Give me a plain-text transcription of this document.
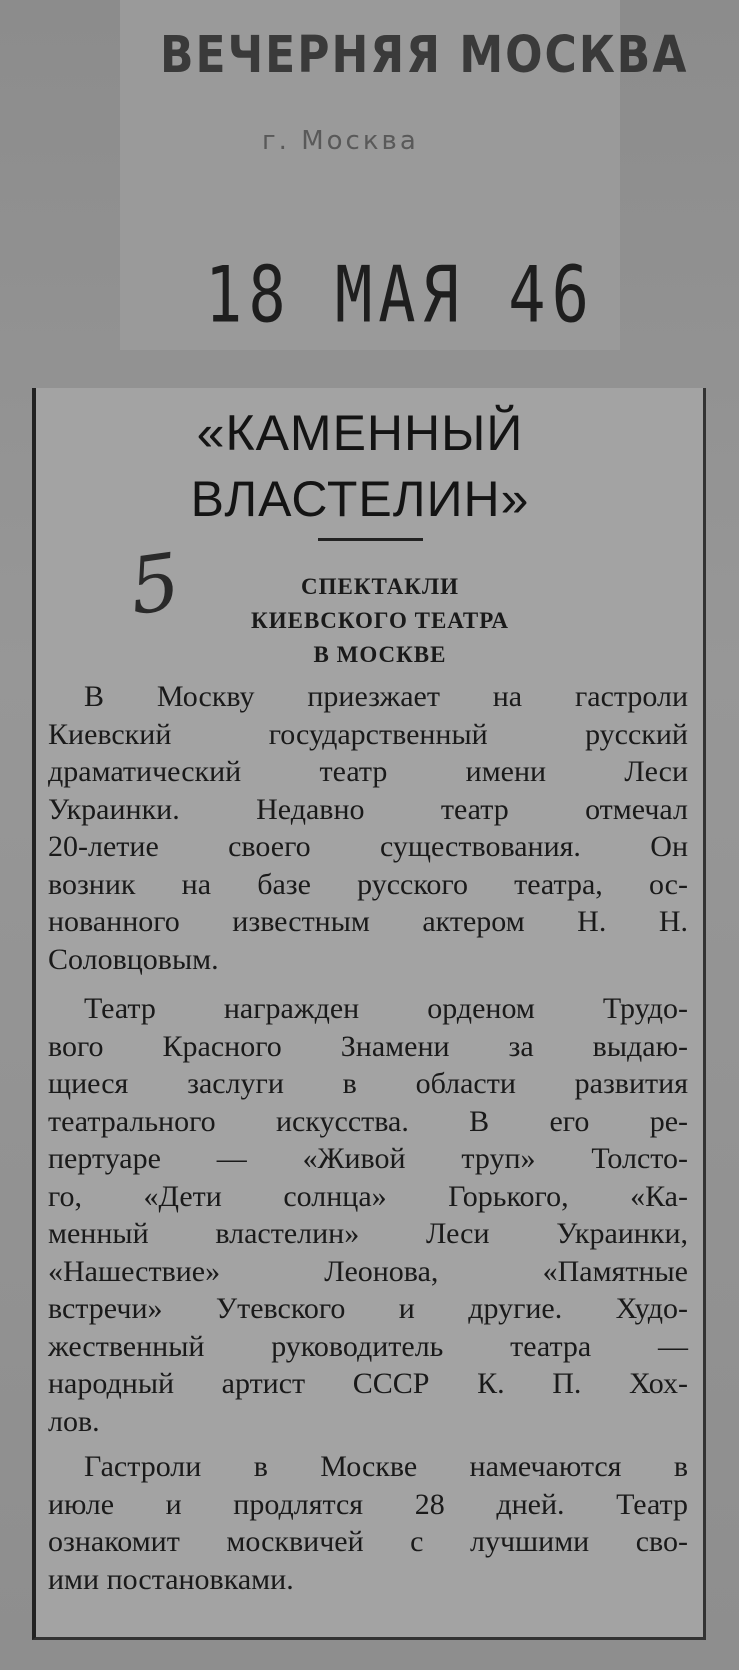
ВЕЧЕРНЯЯ МОСКВА
г. Москва
18 МАЯ 46
«КАМЕННЫЙ
ВЛАСТЕЛИН»
5	СПЕКТАКЛИ
КИЕВСКОГО ТЕАТРА
В МОСКВЕ
В Москву приезжает на гастроли
Киевский государственный русский
драматический театр имени Леси
Украинки. Недавно театр отмечал
20-летие своего существования. Он
возник на базе русского театра, ос-
нованного известным актером Н. Н.
Соловцовым.
Театр награжден орденом Трудо-
вого Красного Знамени за выдаю-
щиеся заслуги в области развития
театрального искусства. В его ре-
пертуаре — «Живой труп» Толсто-
го, «Дети солнца» Горького, «Ка-
менный властелин» Леси Украинки,
«Нашествие» Леонова, «Памятные
встречи» Утевского и другие. Худо-
жественный руководитель театра —
народный артист СССР К. П. Хох-
лов.
Гастроли в Москве намечаются в
июле и продлятся 28 дней. Театр
ознакомит москвичей с лучшими сво-
ими постановками.
